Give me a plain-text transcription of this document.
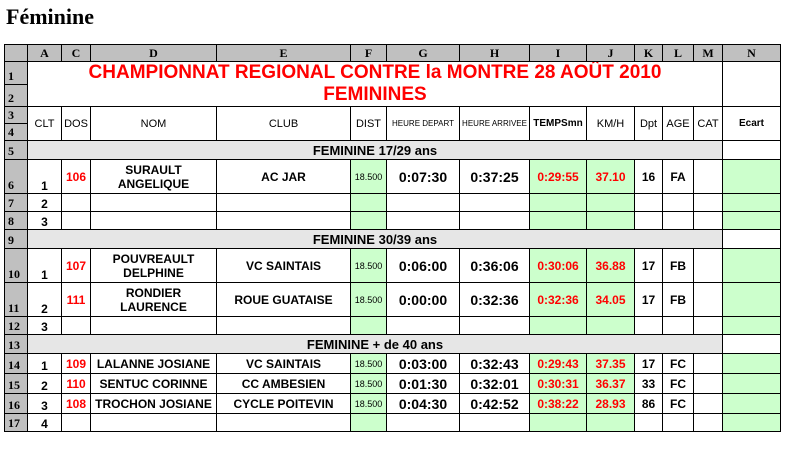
Féminine
	A	C	D	E	F	G	H	I	J	K	L	M	N
1	CHAMPIONNAT REGIONAL CONTRE la MONTRE 28 AOÛT 2010
FEMININES												

2													
3	CLT	DOS	NOM	CLUB	DIST	HEURE DEPART	HEURE ARRIVEE	TEMPSmn	KM/H	Dpt	AGE	CAT	Ecart
4													
5	FEMININE 17/29 ans												
6	1	106	SURAULT
ANGELIQUE	AC JAR	18.500	0:07:30	0:37:25	0:29:55	37.10	16	FA		
7	2												
8	3												
9	FEMININE 30/39 ans												
10	1	107	POUVREAULT
DELPHINE	VC SAINTAIS	18.500	0:06:00	0:36:06	0:30:06	36.88	17	FB		
11	2	111	RONDIER
LAURENCE	ROUE GUATAISE	18.500	0:00:00	0:32:36	0:32:36	34.05	17	FB		
12	3												
13	FEMININE + de 40 ans												
14	1	109	LALANNE JOSIANE	VC SAINTAIS	18.500	0:03:00	0:32:43	0:29:43	37.35	17	FC		
15	2	110	SENTUC CORINNE	CC AMBESIEN	18.500	0:01:30	0:32:01	0:30:31	36.37	33	FC		
16	3	108	TROCHON JOSIANE	CYCLE POITEVIN	18.500	0:04:30	0:42:52	0:38:22	28.93	86	FC		
17	4												
